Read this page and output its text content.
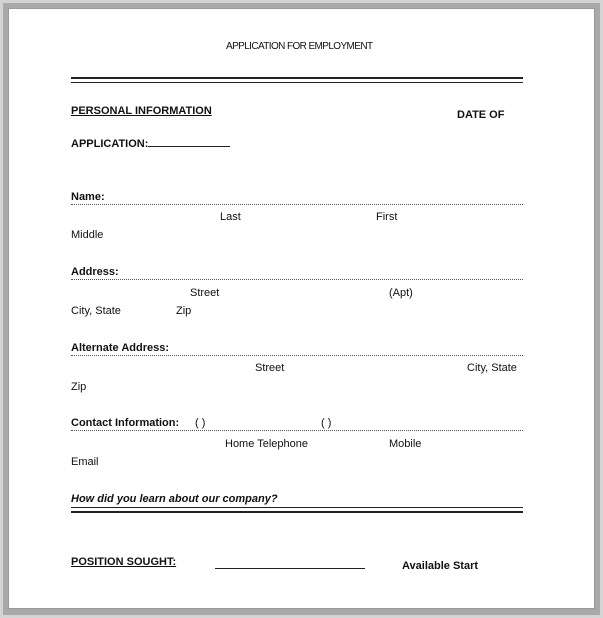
APPLICATION FOR EMPLOYMENT
PERSONAL INFORMATION	DATE OF
APPLICATION:
Name:
Last	First
Middle
Address:
Street	(Apt)
City, State	Zip
Alternate Address:
Street	City, State
Zip
Contact Information: ( )	( )
Home Telephone	Mobile
Email
How did you learn about our company?
POSITION SOUGHT:	Available Start
